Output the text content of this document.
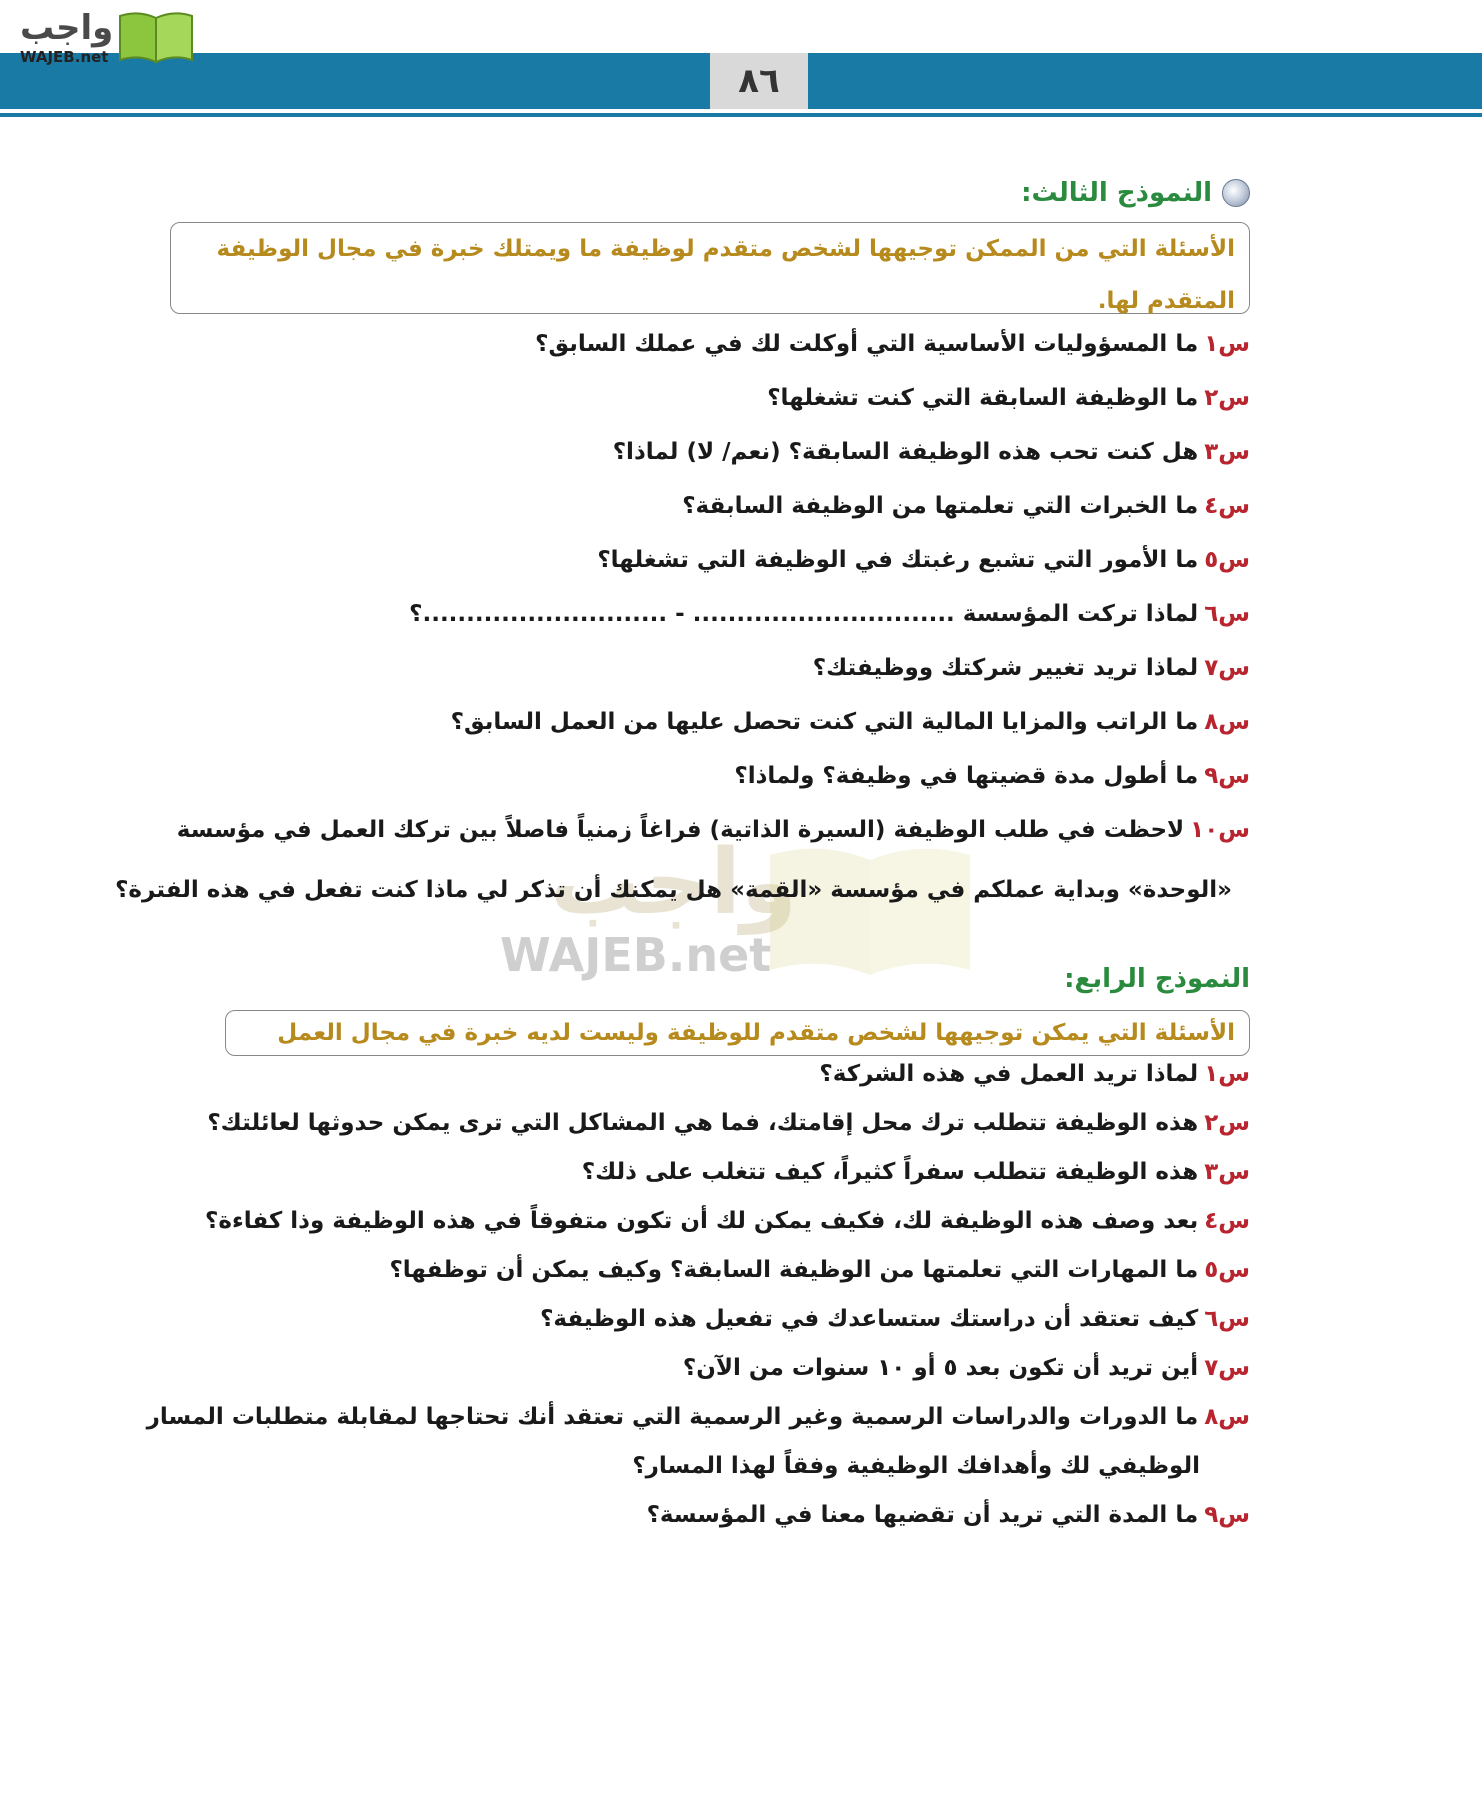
٨٦
واجب
WAJEB.net
واجب
WAJEB.net
النموذج الثالث:
الأسئلة التي من الممكن توجيهها لشخص متقدم لوظيفة ما ويمتلك خبرة في مجال الوظيفة المتقدم لها.
س١ما المسؤوليات الأساسية التي أوكلت لك في عملك السابق؟
س٢ما الوظيفة السابقة التي كنت تشغلها؟
س٣هل كنت تحب هذه الوظيفة السابقة؟ (نعم/ لا) لماذا؟
س٤ما الخبرات التي تعلمتها من الوظيفة السابقة؟
س٥ما الأمور التي تشبع رغبتك في الوظيفة التي تشغلها؟
س٦لماذا تركت المؤسسة .............................. - ............................؟
س٧لماذا تريد تغيير شركتك ووظيفتك؟
س٨ما الراتب والمزايا المالية التي كنت تحصل عليها من العمل السابق؟
س٩ما أطول مدة قضيتها في وظيفة؟ ولماذا؟
س١٠لاحظت في طلب الوظيفة (السيرة الذاتية) فراغاً زمنياً فاصلاً بين تركك العمل في مؤسسة
«الوحدة» وبداية عملكم في مؤسسة «القمة» هل يمكنك أن تذكر لي ماذا كنت تفعل في هذه الفترة؟
النموذج الرابع:
الأسئلة التي يمكن توجيهها لشخص متقدم للوظيفة وليست لديه خبرة في مجال العمل
س١لماذا تريد العمل في هذه الشركة؟
س٢هذه الوظيفة تتطلب ترك محل إقامتك، فما هي المشاكل التي ترى يمكن حدوثها لعائلتك؟
س٣هذه الوظيفة تتطلب سفراً كثيراً، كيف تتغلب على ذلك؟
س٤بعد وصف هذه الوظيفة لك، فكيف يمكن لك أن تكون متفوقاً في هذه الوظيفة وذا كفاءة؟
س٥ما المهارات التي تعلمتها من الوظيفة السابقة؟ وكيف يمكن أن توظفها؟
س٦كيف تعتقد أن دراستك ستساعدك في تفعيل هذه الوظيفة؟
س٧أين تريد أن تكون بعد ٥ أو ١٠ سنوات من الآن؟
س٨ما الدورات والدراسات الرسمية وغير الرسمية التي تعتقد أنك تحتاجها لمقابلة متطلبات المسار
الوظيفي لك وأهدافك الوظيفية وفقاً لهذا المسار؟
س٩ما المدة التي تريد أن تقضيها معنا في المؤسسة؟
